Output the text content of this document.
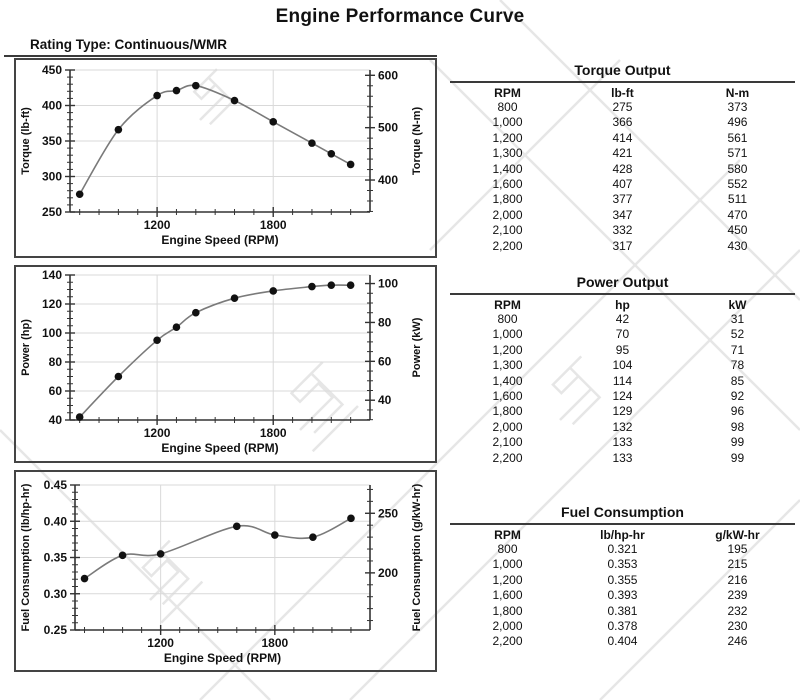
Engine Performance Curve
Rating Type: Continuous/WMR
250
300
350
400
450
1200	1800
Engine Speed (RPM)
400
500
600
Torque (lb-ft)	Torque (N-m)
40
60
80
100
120
140
1200	1800
Engine Speed (RPM)
40
60
80
100
Power (hp)	Power (kW)
0.25
0.30
0.35
0.40
0.45
1200	1800
Engine Speed (RPM)
200
250
Fuel Consumption (lb/hp-hr)	Fuel Consumption (g/kW-hr)
Torque Output
RPM	lb-ft	N-m
800	275	373
1,000	366	496
1,200	414	561
1,300	421	571
1,400	428	580
1,600	407	552
1,800	377	511
2,000	347	470
2,100	332	450
2,200	317	430
Power Output
RPM	hp	kW
800	42	31
1,000	70	52
1,200	95	71
1,300	104	78
1,400	114	85
1,600	124	92
1,800	129	96
2,000	132	98
2,100	133	99
2,200	133	99
Fuel Consumption
RPM	lb/hp-hr	g/kW-hr
800	0.321	195
1,000	0.353	215
1,200	0.355	216
1,600	0.393	239
1,800	0.381	232
2,000	0.378	230
2,200	0.404	246
